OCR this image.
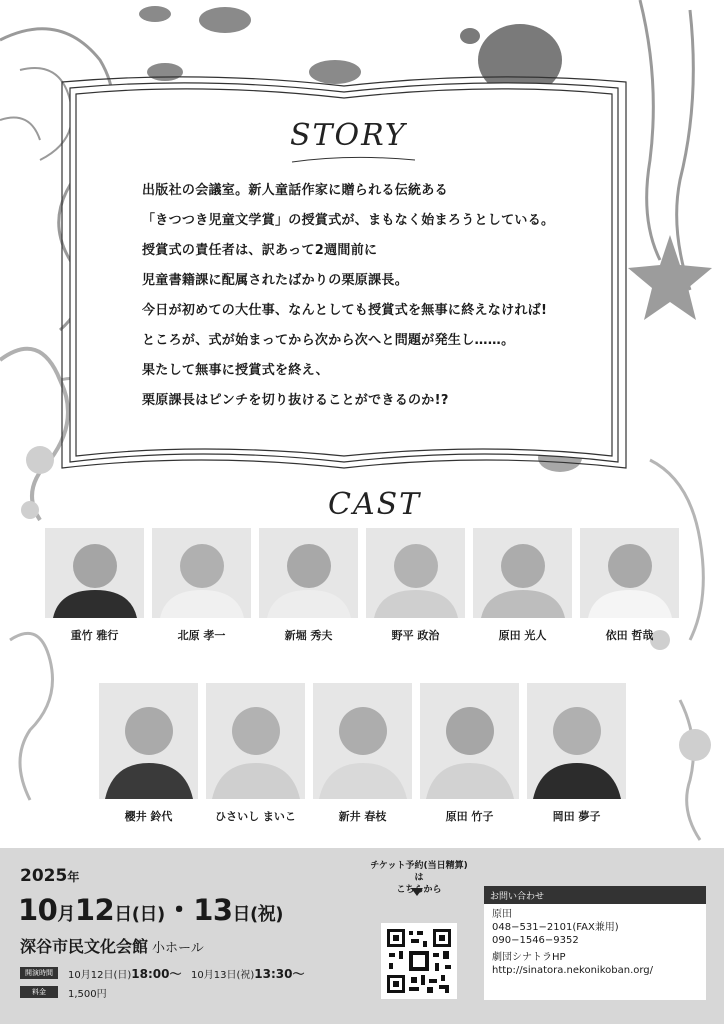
STORY
出版社の会議室。新人童話作家に贈られる伝統ある
「きつつき児童文学賞」の授賞式が、まもなく始まろうとしている。
授賞式の責任者は、訳あって2週間前に
児童書籍課に配属されたばかりの栗原課長。
今日が初めての大仕事、なんとしても授賞式を無事に終えなければ!
ところが、式が始まってから次から次へと問題が発生し……。
果たして無事に授賞式を終え、
栗原課長はピンチを切り抜けることができるのか!?
CAST
重竹 雅行	北原 孝一	新堀 秀夫	野平 政治	原田 光人	依田 哲哉
櫻井 鈴代	ひさいし まいこ	新井 春枝	原田 竹子	岡田 夢子
2025年
10月12日(日)・13日(祝)
深谷市民文化会館 小ホール
開演時間	10月12日(日)18:00〜 10月13日(祝)13:30〜
料金	1,500円
チケット予約(当日精算)は
こちらから
お問い合わせ
原田
048−531−2101(FAX兼用)
090−1546−9352
劇団シナトラHP
http://sinatora.nekonikoban.org/
